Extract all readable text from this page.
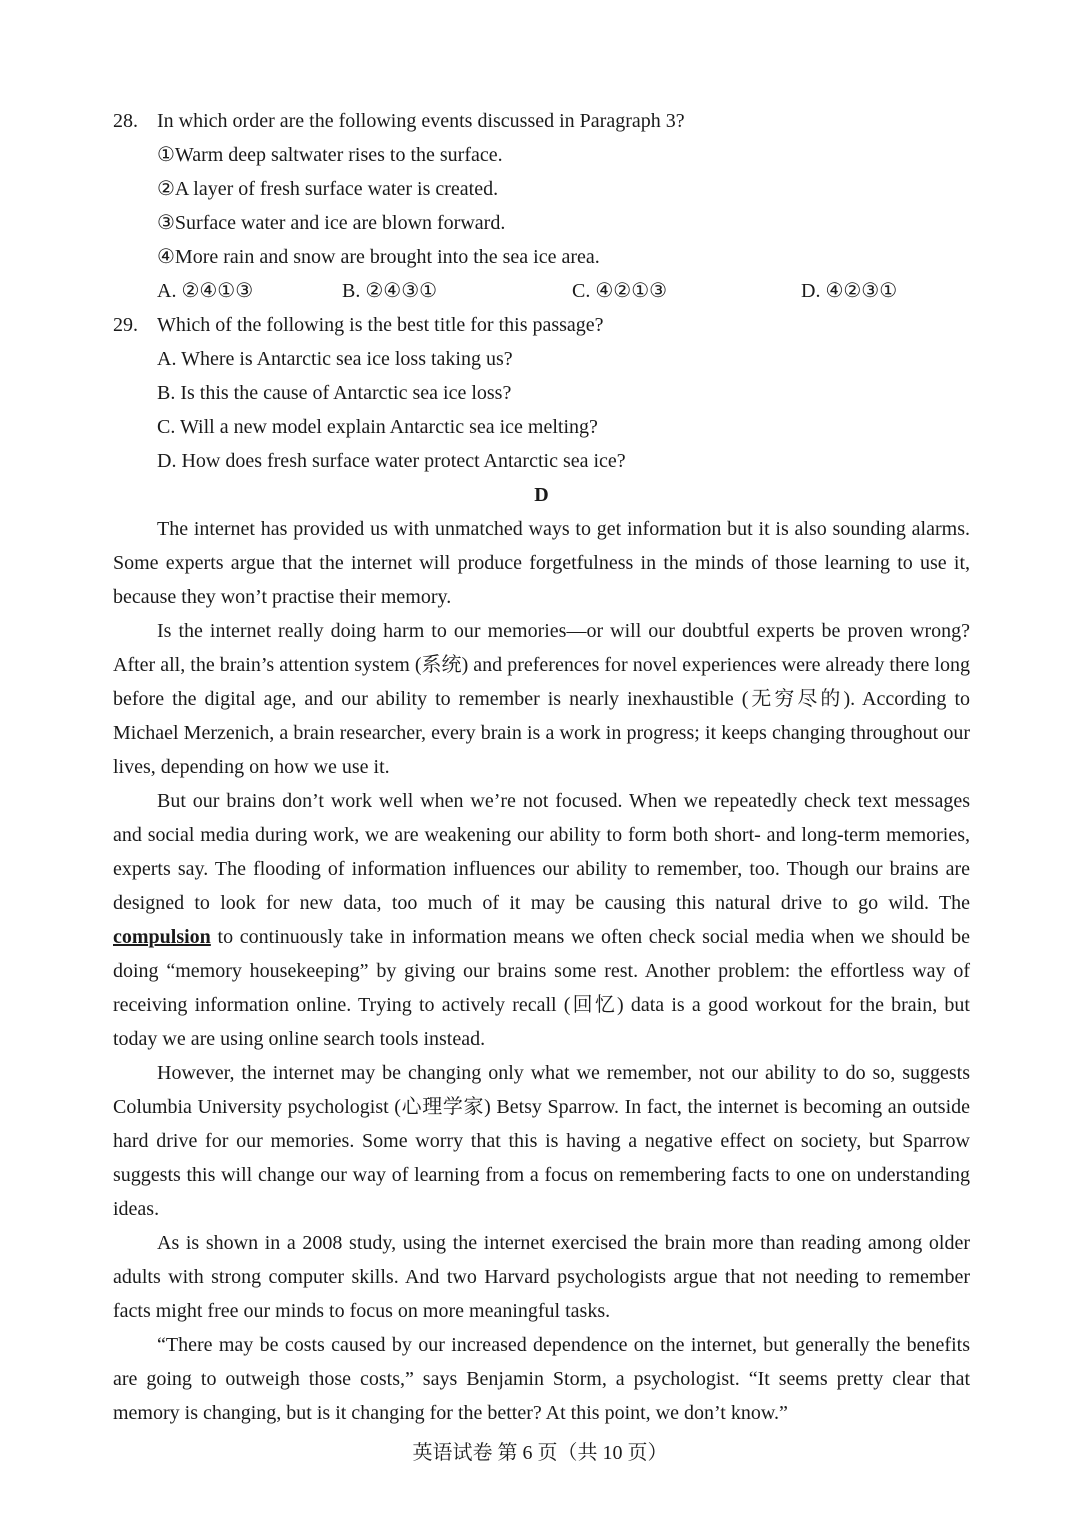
28. In which order are the following events discussed in Paragraph 3?
①Warm deep saltwater rises to the surface.
②A layer of fresh surface water is created.
③Surface water and ice are blown forward.
④More rain and snow are brought into the sea ice area.
A. ②④①③	B. ②④③①	C. ④②①③	D. ④②③①
29. Which of the following is the best title for this passage?
A. Where is Antarctic sea ice loss taking us?
B. Is this the cause of Antarctic sea ice loss?
C. Will a new model explain Antarctic sea ice melting?
D. How does fresh surface water protect Antarctic sea ice?

D

The internet has provided us with unmatched ways to get information but it is also sounding alarms. Some experts argue that the internet will produce forgetfulness in the minds of those learning to use it, because they won’t practise their memory.

Is the internet really doing harm to our memories—or will our doubtful experts be proven wrong? After all, the brain’s attention system (系统) and preferences for novel experiences were already there long before the digital age, and our ability to remember is nearly inexhaustible (无穷尽的). According to Michael Merzenich, a brain researcher, every brain is a work in progress; it keeps changing throughout our lives, depending on how we use it.

But our brains don’t work well when we’re not focused. When we repeatedly check text messages and social media during work, we are weakening our ability to form both short- and long-term memories, experts say. The flooding of information influences our ability to remember, too. Though our brains are designed to look for new data, too much of it may be causing this natural drive to go wild. The compulsion to continuously take in information means we often check social media when we should be doing “memory housekeeping” by giving our brains some rest. Another problem: the effortless way of receiving information online. Trying to actively recall (回忆) data is a good workout for the brain, but today we are using online search tools instead.

However, the internet may be changing only what we remember, not our ability to do so, suggests Columbia University psychologist (心理学家) Betsy Sparrow. In fact, the internet is becoming an outside hard drive for our memories. Some worry that this is having a negative effect on society, but Sparrow suggests this will change our way of learning from a focus on remembering facts to one on understanding ideas.

As is shown in a 2008 study, using the internet exercised the brain more than reading among older adults with strong computer skills. And two Harvard psychologists argue that not needing to remember facts might free our minds to focus on more meaningful tasks.

“There may be costs caused by our increased dependence on the internet, but generally the benefits are going to outweigh those costs,” says Benjamin Storm, a psychologist. “It seems pretty clear that memory is changing, but is it changing for the better? At this point, we don’t know.”

英语试卷 第 6 页（共 10 页）
